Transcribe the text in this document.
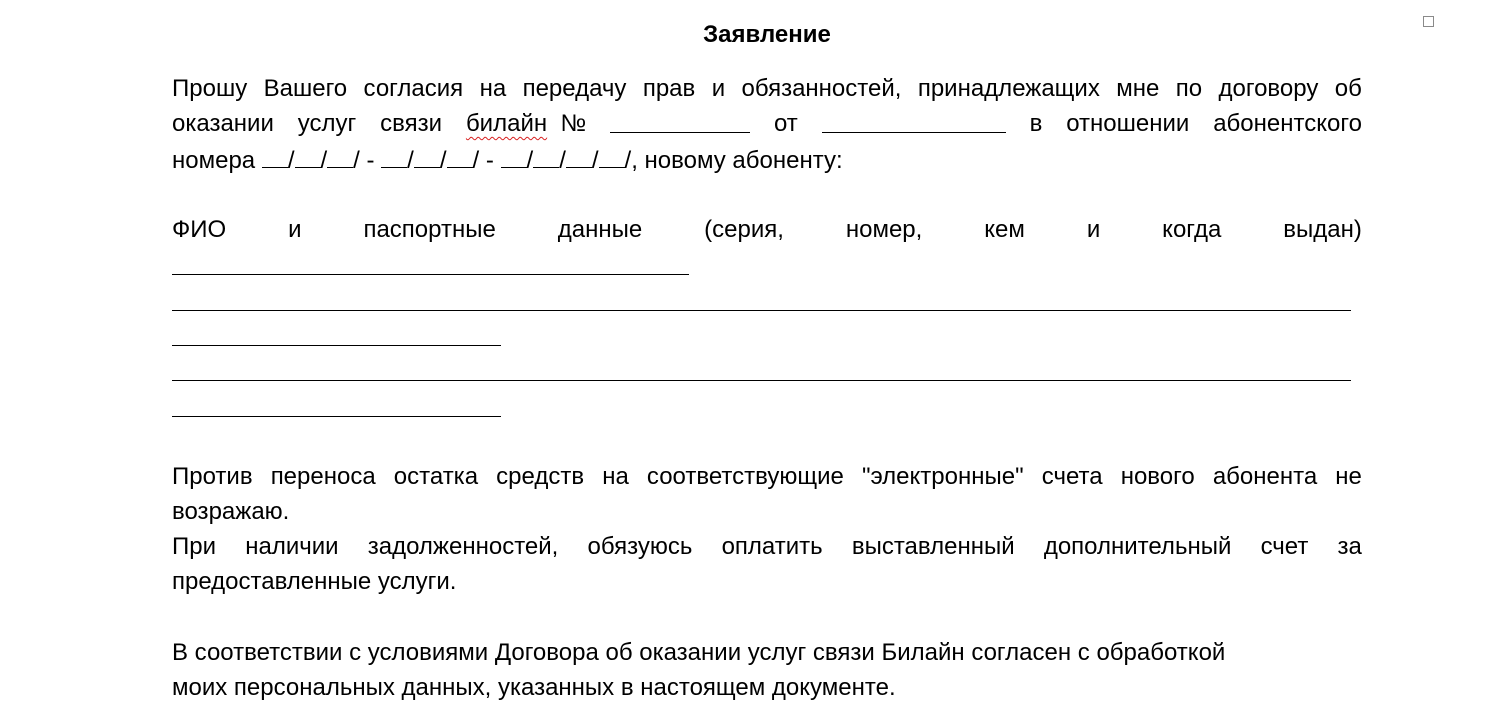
Заявление
Прошу Вашего согласия на передачу прав и обязанностей, принадлежащих мне по договору об
оказании услуг связи билайн №	от	в отношении абонентского
номера / / / - / / / - / / / /, новому абоненту:
ФИО	и	паспортные	данные	(серия,	номер,	кем	и	когда	выдан)
Против переноса остатка средств на соответствующие "электронные" счета нового абонента не
возражаю.
При наличии задолженностей, обязуюсь оплатить выставленный дополнительный счет за
предоставленные услуги.
В соответствии с условиями Договора об оказании услуг связи Билайн согласен с обработкой
моих персональных данных, указанных в настоящем документе.
